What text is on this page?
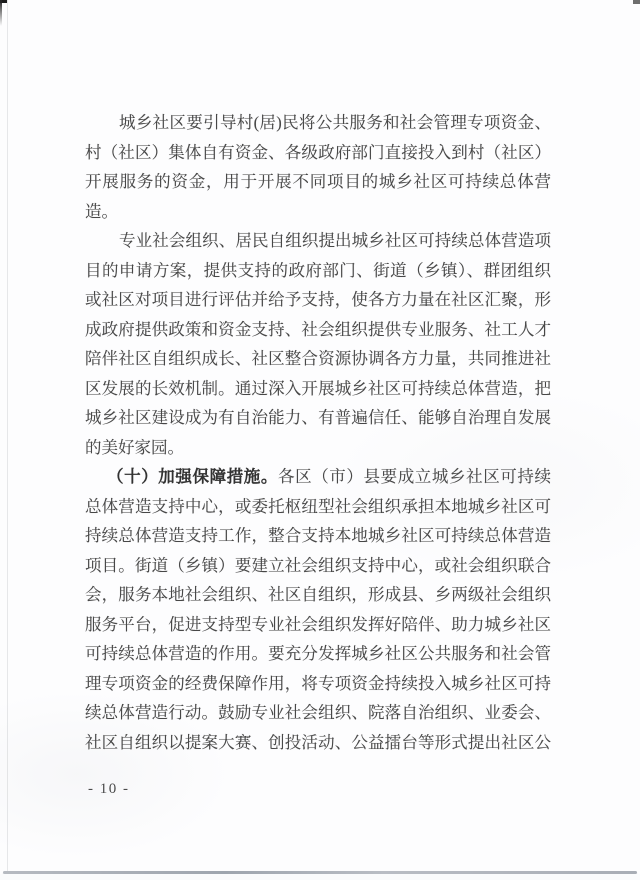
城乡社区要引导村(居)民将公共服务和社会管理专项资金、
村（社区）集体自有资金、各级政府部门直接投入到村（社区）
开展服务的资金，用于开展不同项目的城乡社区可持续总体营
造。
专业社会组织、居民自组织提出城乡社区可持续总体营造项
目的申请方案，提供支持的政府部门、街道（乡镇）、群团组织
或社区对项目进行评估并给予支持，使各方力量在社区汇聚，形
成政府提供政策和资金支持、社会组织提供专业服务、社工人才
陪伴社区自组织成长、社区整合资源协调各方力量，共同推进社
区发展的长效机制。通过深入开展城乡社区可持续总体营造，把
城乡社区建设成为有自治能力、有普遍信任、能够自治理自发展
的美好家园。
（十）加强保障措施。各区（市）县要成立城乡社区可持续
总体营造支持中心，或委托枢纽型社会组织承担本地城乡社区可
持续总体营造支持工作，整合支持本地城乡社区可持续总体营造
项目。街道（乡镇）要建立社会组织支持中心，或社会组织联合
会，服务本地社会组织、社区自组织，形成县、乡两级社会组织
服务平台，促进支持型专业社会组织发挥好陪伴、助力城乡社区
可持续总体营造的作用。要充分发挥城乡社区公共服务和社会管
理专项资金的经费保障作用，将专项资金持续投入城乡社区可持
续总体营造行动。鼓励专业社会组织、院落自治组织、业委会、
社区自组织以提案大赛、创投活动、公益擂台等形式提出社区公
- 10 -
